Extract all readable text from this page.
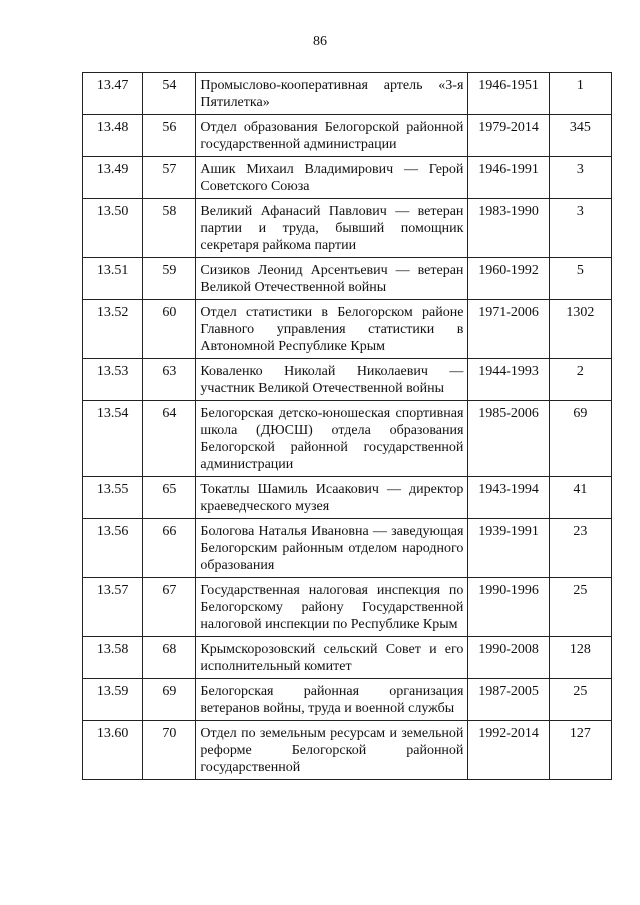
86
13.47	54	Промыслово-кооперативная артель «3-я Пятилетка»	1946-1951	1
13.48	56	Отдел образования Белогорской районной государственной администрации	1979-2014	345
13.49	57	Ашик Михаил Владимирович — Герой Советского Союза	1946-1991	3
13.50	58	Великий Афанасий Павлович — ветеран партии и труда, бывший помощник секретаря райкома партии	1983-1990	3
13.51	59	Сизиков Леонид Арсентьевич — ветеран Великой Отечественной войны	1960-1992	5
13.52	60	Отдел статистики в Белогорском районе Главного управления статистики в Автономной Республике Крым	1971-2006	1302
13.53	63	Коваленко Николай Николаевич — участник Великой Отечественной войны	1944-1993	2
13.54	64	Белогорская детско-юношеская спортивная школа (ДЮСШ) отдела образования Белогорской районной государственной администрации	1985-2006	69
13.55	65	Токатлы Шамиль Исаакович — директор краеведческого музея	1943-1994	41
13.56	66	Бологова Наталья Ивановна — заведующая Белогорским районным отделом народного образования	1939-1991	23
13.57	67	Государственная налоговая инспекция по Белогорскому району Государственной налоговой инспекции по Республике Крым	1990-1996	25
13.58	68	Крымскорозовский сельский Совет и его исполнительный комитет	1990-2008	128
13.59	69	Белогорская районная организация ветеранов войны, труда и военной службы	1987-2005	25
13.60	70	Отдел по земельным ресурсам и земельной реформе Белогорской районной государственной	1992-2014	127
